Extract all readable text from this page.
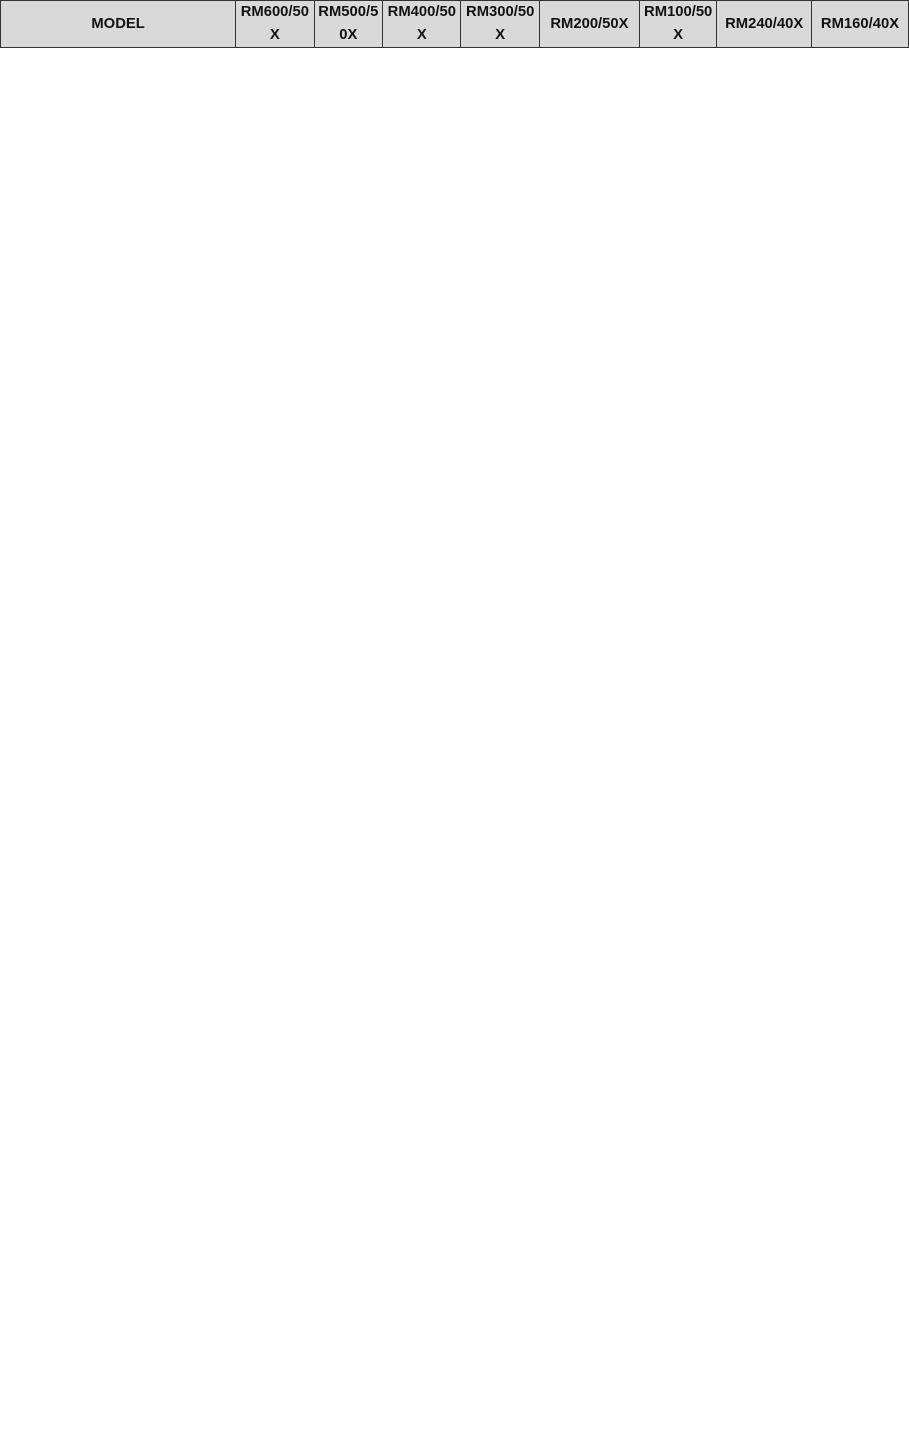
MODEL	RM600/50X	RM500/50X	RM400/50X	RM300/50X	RM200/50X	RM100/50X	RM240/40X	RM160/40X
